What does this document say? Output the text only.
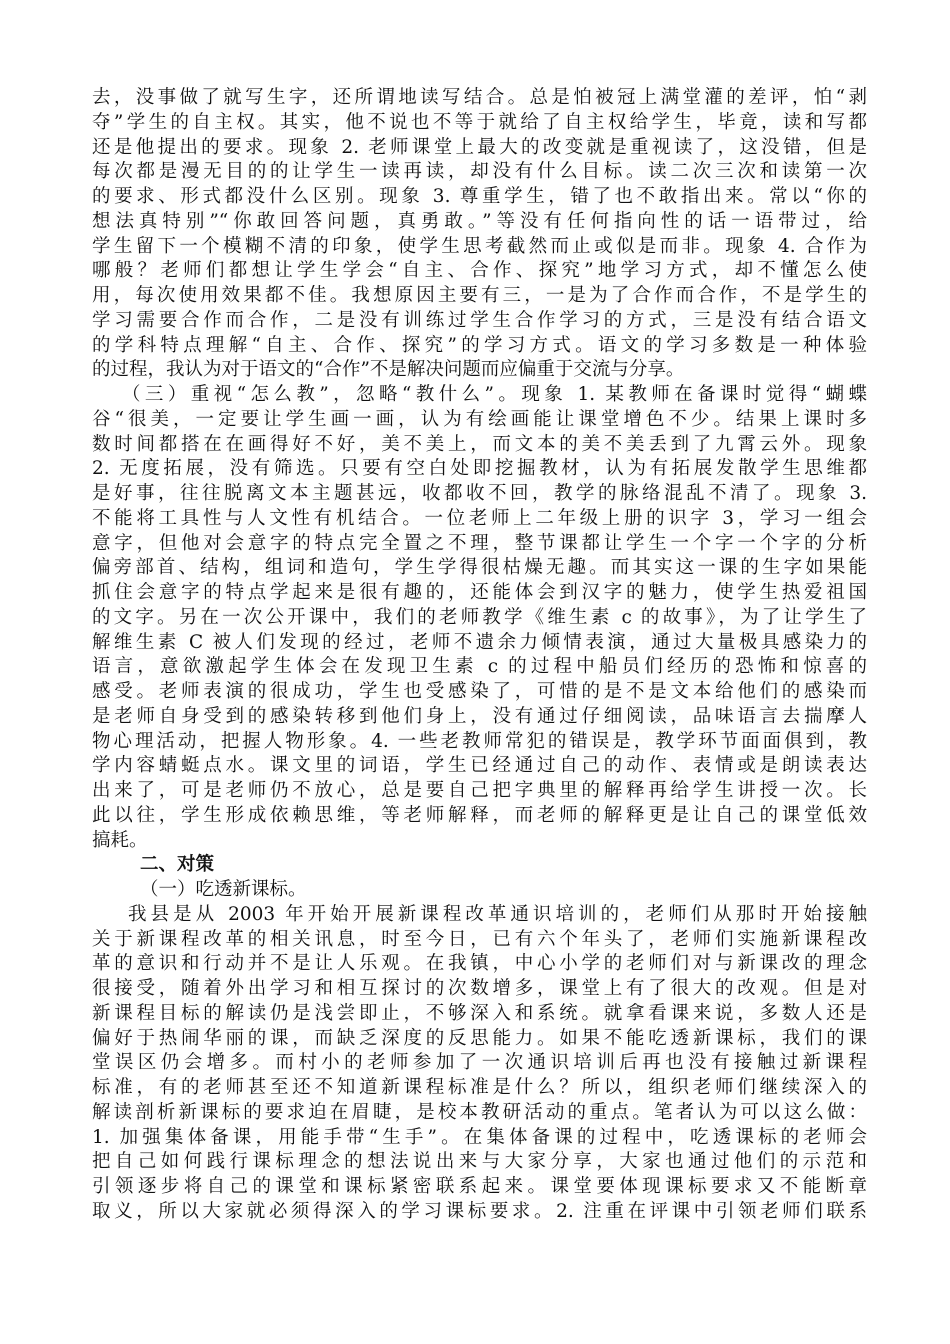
去，没事做了就写生字，还所谓地读写结合。总是怕被冠上满堂灌的差评，怕“剥
夺”学生的自主权。其实，他不说也不等于就给了自主权给学生，毕竟，读和写都
还是他提出的要求。现象 2. 老师课堂上最大的改变就是重视读了，这没错，但是
每次都是漫无目的的让学生一读再读，却没有什么目标。读二次三次和读第一次
的要求、形式都没什么区别。现象 3. 尊重学生，错了也不敢指出来。常以“你的
想法真特别”“你敢回答问题，真勇敢。”等没有任何指向性的话一语带过，给
学生留下一个模糊不清的印象，使学生思考截然而止或似是而非。现象 4. 合作为
哪般？老师们都想让学生学会“自主、合作、探究”地学习方式，却不懂怎么使
用，每次使用效果都不佳。我想原因主要有三，一是为了合作而合作，不是学生的
学习需要合作而合作，二是没有训练过学生合作学习的方式，三是没有结合语文
的学科特点理解“自主、合作、探究”的学习方式。语文的学习多数是一种体验
的过程，我认为对于语文的“合作”不是解决问题而应偏重于交流与分享。
（三）重视“怎么教”，忽略“教什么”。现象 1. 某教师在备课时觉得“蝴蝶
谷“很美，一定要让学生画一画，认为有绘画能让课堂增色不少。结果上课时多
数时间都搭在在画得好不好，美不美上，而文本的美不美丢到了九霄云外。现象
2. 无度拓展，没有筛选。只要有空白处即挖掘教材，认为有拓展发散学生思维都
是好事，往往脱离文本主题甚远，收都收不回，教学的脉络混乱不清了。现象 3.
不能将工具性与人文性有机结合。一位老师上二年级上册的识字 3，学习一组会
意字，但他对会意字的特点完全置之不理，整节课都让学生一个字一个字的分析
偏旁部首、结构，组词和造句，学生学得很枯燥无趣。而其实这一课的生字如果能
抓住会意字的特点学起来是很有趣的，还能体会到汉字的魅力，使学生热爱祖国
的文字。另在一次公开课中，我们的老师教学《维生素 c 的故事》，为了让学生了
解维生素 C 被人们发现的经过，老师不遗余力倾情表演，通过大量极具感染力的
语言，意欲激起学生体会在发现卫生素 c 的过程中船员们经历的恐怖和惊喜的
感受。老师表演的很成功，学生也受感染了，可惜的是不是文本给他们的感染而
是老师自身受到的感染转移到他们身上，没有通过仔细阅读，品味语言去揣摩人
物心理活动，把握人物形象。4. 一些老教师常犯的错误是，教学环节面面俱到，教
学内容蜻蜓点水。课文里的词语，学生已经通过自己的动作、表情或是朗读表达
出来了，可是老师仍不放心，总是要自己把字典里的解释再给学生讲授一次。长
此以往，学生形成依赖思维，等老师解释，而老师的解释更是让自己的课堂低效
搞耗。
二、对策
（一）吃透新课标。
我县是从 2003 年开始开展新课程改革通识培训的，老师们从那时开始接触
关于新课程改革的相关讯息，时至今日，已有六个年头了，老师们实施新课程改
革的意识和行动并不是让人乐观。在我镇，中心小学的老师们对与新课改的理念
很接受，随着外出学习和相互探讨的次数增多，课堂上有了很大的改观。但是对
新课程目标的解读仍是浅尝即止，不够深入和系统。就拿看课来说，多数人还是
偏好于热闹华丽的课，而缺乏深度的反思能力。如果不能吃透新课标，我们的课
堂误区仍会增多。而村小的老师参加了一次通识培训后再也没有接触过新课程
标准，有的老师甚至还不知道新课程标准是什么？所以，组织老师们继续深入的
解读剖析新课标的要求迫在眉睫，是校本教研活动的重点。笔者认为可以这么做：
1. 加强集体备课，用能手带“生手”。在集体备课的过程中，吃透课标的老师会
把自己如何践行课标理念的想法说出来与大家分享，大家也通过他们的示范和
引领逐步将自己的课堂和课标紧密联系起来。课堂要体现课标要求又不能断章
取义，所以大家就必须得深入的学习课标要求。2. 注重在评课中引领老师们联系
